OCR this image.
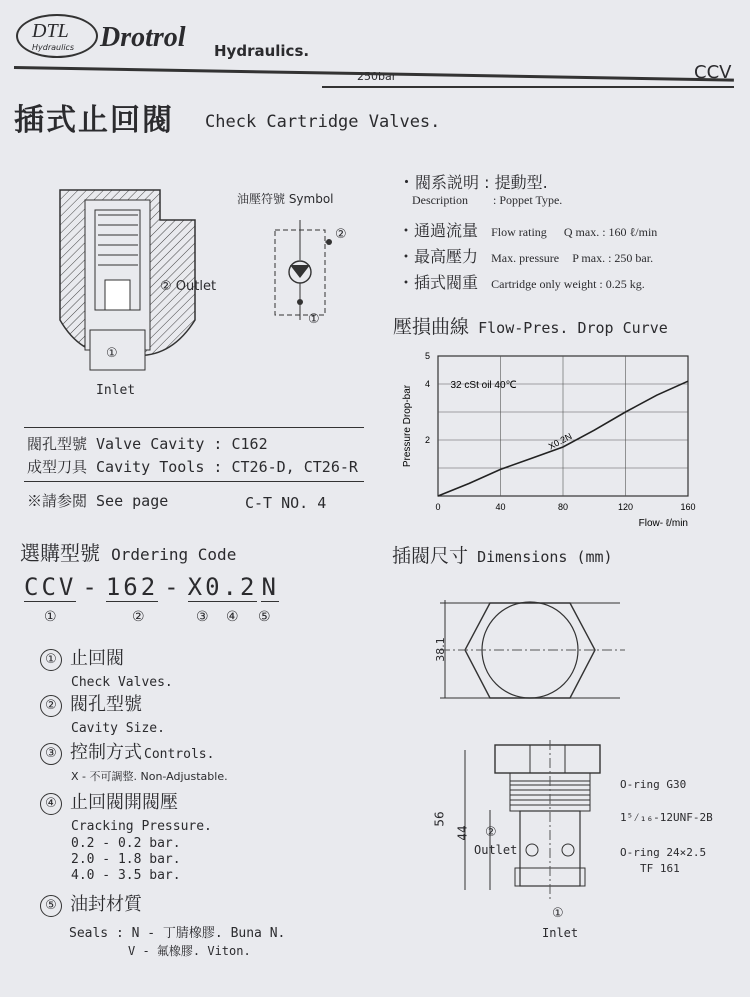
DTL
Hydraulics Drotrol Hydraulics.
250bar	CCV
插式止回閥 Check Cartridge Valves.
② Outlet
①
Inlet
油壓符號 Symbol
②
①
・閥系説明 : 提動型.
Description : Poppet Type.
・通過流量 Flow rating Q max. : 160 ℓ/min
・最高壓力 Max. pressure P max. : 250 bar.
・插式閥重 Cartridge only weight : 0.25 kg.
壓損曲線 Flow-Pres. Drop Curve
0	40	80	120	160
2
4
5
X0.2N
32 cSt oil 40℃
Pressure Drop-bar
Flow- ℓ/min
閥孔型號 Valve Cavity : C162
成型刀具 Cavity Tools : CT26-D, CT26-R
※請参閲 See page	C-T NO. 4
選購型號 Ordering Code
CCV - 162 - X0.2 N
①	②	③ ④ ⑤
① 止回閥
Check Valves.
② 閥孔型號
Cavity Size.
③ 控制方式 Controls.
X - 不可調整. Non-Adjustable.
④ 止回閥開閥壓
Cracking Pressure.
0.2 - 0.2 bar.
2.0 - 1.8 bar.
4.0 - 3.5 bar.
⑤ 油封材質
Seals : N - 丁腈橡膠. Buna N.
V - 氟橡膠. Viton.
插閥尺寸 Dimensions (mm)
38.1
56
44
O-ring G30
1⁵⁄₁₆-12UNF-2B
O-ring 24×2.5
TF 161
②
Outlet
①
Inlet
